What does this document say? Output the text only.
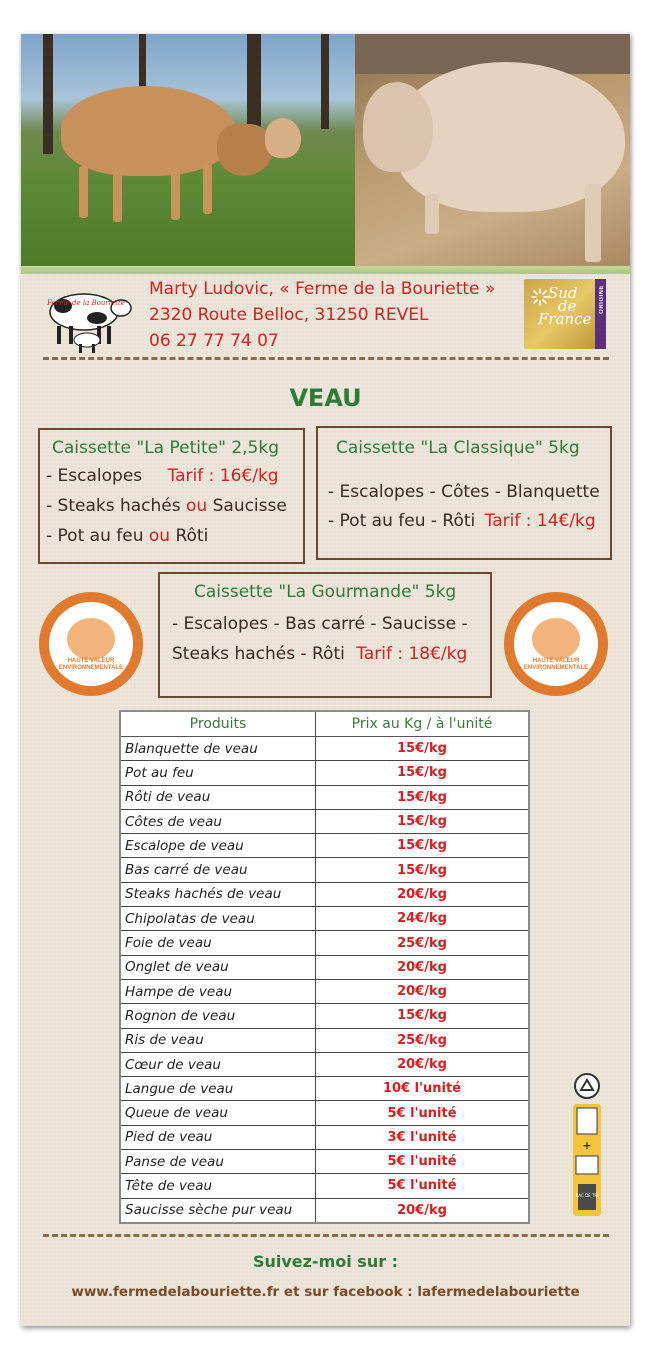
Ferme de la Bouriette
Marty Ludovic, « Ferme de la Bouriette »
2320 Route Belloc, 31250 REVEL
06 27 77 74 07
Sud
de
France
ORIGINE
VEAU
Caissette "La Petite" 2,5kg
- Escalopes Tarif : 16€/kg
- Steaks hachés ou Saucisse
- Pot au feu ou Rôti
Caissette "La Classique" 5kg
- Escalopes - Côtes - Blanquette
- Pot au feu - Rôti Tarif : 14€/kg
Caissette "La Gourmande" 5kg
- Escalopes - Bas carré - Saucisse -
Steaks hachés - Rôti Tarif : 18€/kg
HAUTE VALEUR ENVIRONNEMENTALE
HAUTE VALEUR ENVIRONNEMENTALE
Produits	Prix au Kg / à l'unité
Blanquette de veau	15€/kg
Pot au feu	15€/kg
Rôti de veau	15€/kg
Côtes de veau	15€/kg
Escalope de veau	15€/kg
Bas carré de veau	15€/kg
Steaks hachés de veau	20€/kg
Chipolatas de veau	24€/kg
Foie de veau	25€/kg
Onglet de veau	20€/kg
Hampe de veau	20€/kg
Rognon de veau	15€/kg
Ris de veau	25€/kg
Cœur de veau	20€/kg
Langue de veau	10€ l'unité
Queue de veau	5€ l'unité
Pied de veau	3€ l'unité
Panse de veau	5€ l'unité
Tête de veau	5€ l'unité
Saucisse sèche pur veau	20€/kg
+
BAC DE TRI
Suivez-moi sur :
www.fermedelabouriette.fr et sur facebook : lafermedelabouriette
